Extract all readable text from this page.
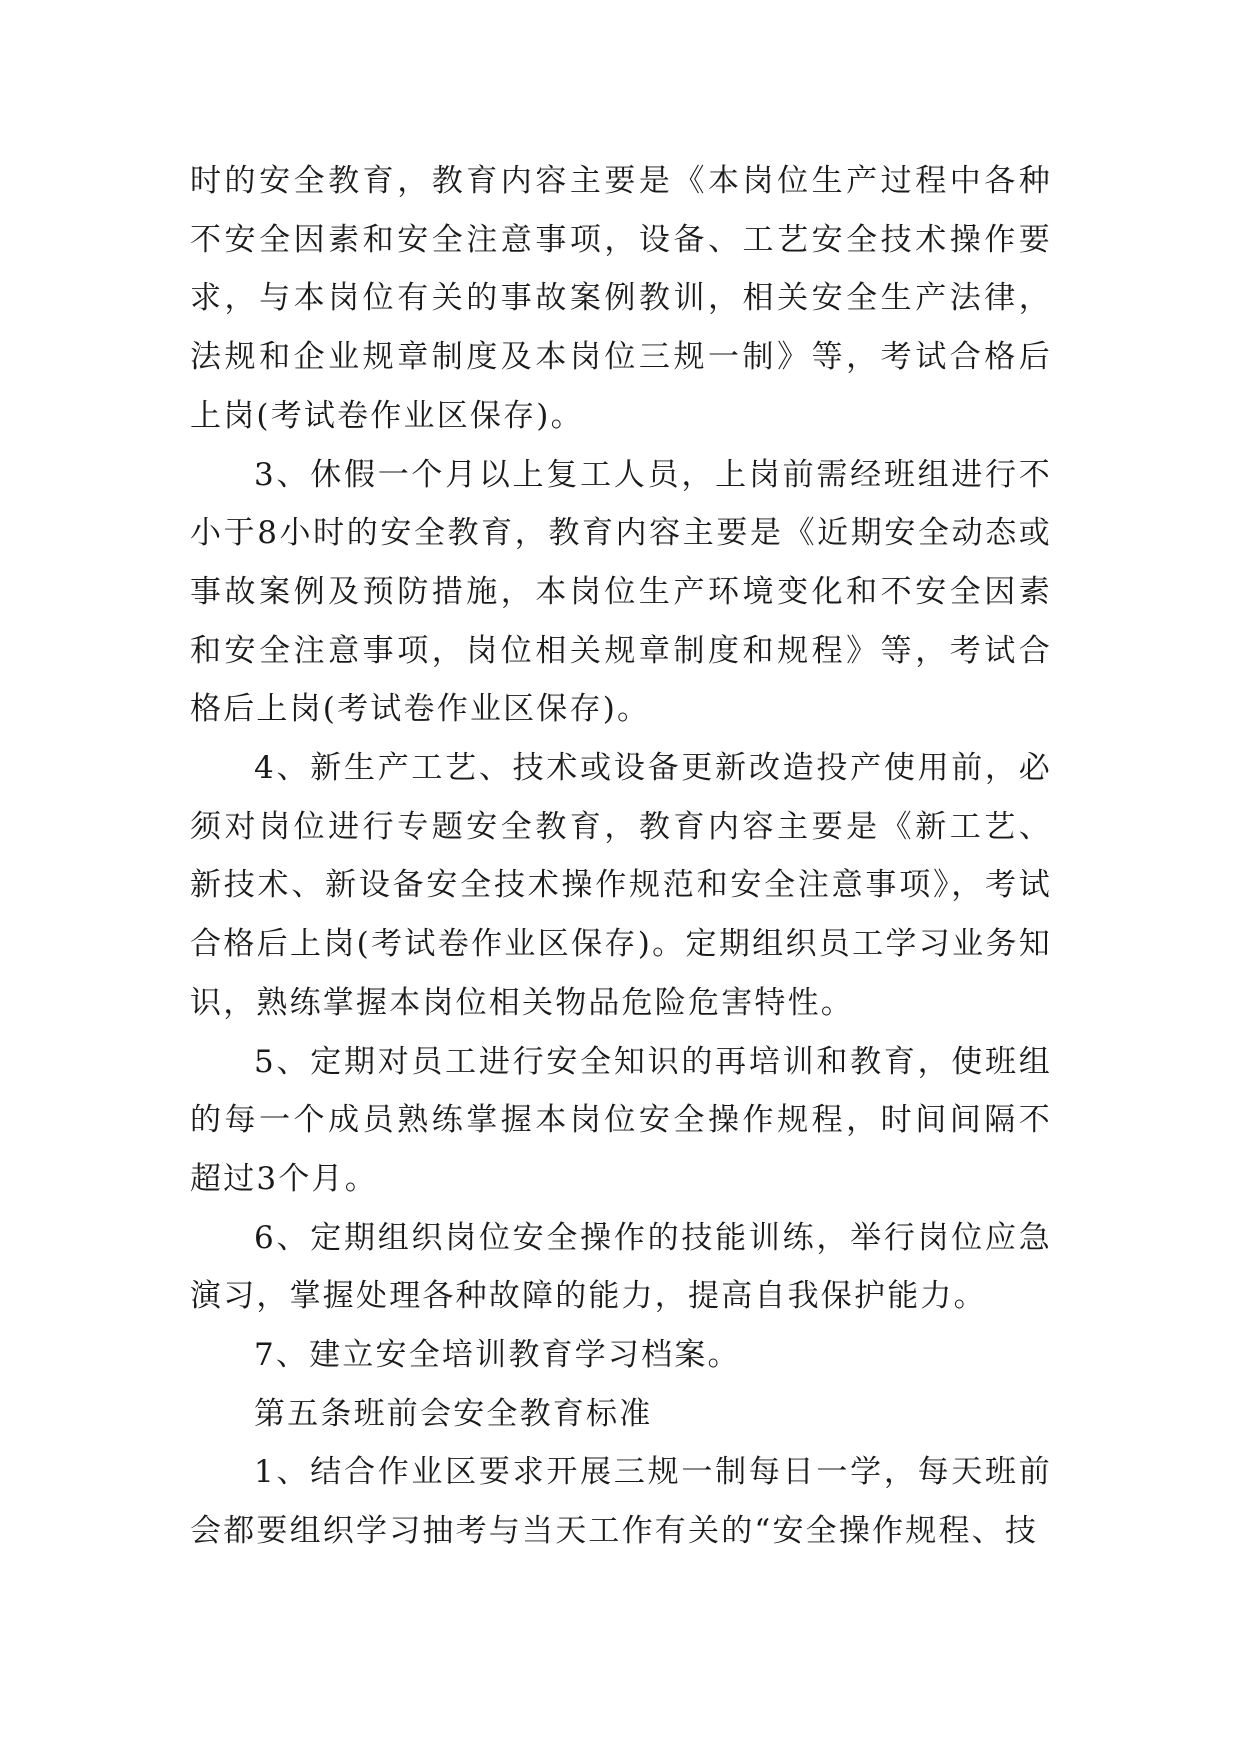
时的安全教育，教育内容主要是《本岗位生产过程中各种不安全因素和安全注意事项，设备、工艺安全技术操作要求，与本岗位有关的事故案例教训，相关安全生产法律，法规和企业规章制度及本岗位三规一制》等，考试合格后上岗(考试卷作业区保存)。

3、休假一个月以上复工人员，上岗前需经班组进行不小于8小时的安全教育，教育内容主要是《近期安全动态或事故案例及预防措施，本岗位生产环境变化和不安全因素和安全注意事项，岗位相关规章制度和规程》等，考试合格后上岗(考试卷作业区保存)。

4、新生产工艺、技术或设备更新改造投产使用前，必须对岗位进行专题安全教育，教育内容主要是《新工艺、新技术、新设备安全技术操作规范和安全注意事项》，考试合格后上岗(考试卷作业区保存)。定期组织员工学习业务知识，熟练掌握本岗位相关物品危险危害特性。

5、定期对员工进行安全知识的再培训和教育，使班组的每一个成员熟练掌握本岗位安全操作规程，时间间隔不超过3个月。

6、定期组织岗位安全操作的技能训练，举行岗位应急演习，掌握处理各种故障的能力，提高自我保护能力。

7、建立安全培训教育学习档案。

第五条班前会安全教育标准

1、结合作业区要求开展三规一制每日一学，每天班前会都要组织学习抽考与当天工作有关的“安全操作规程、技
